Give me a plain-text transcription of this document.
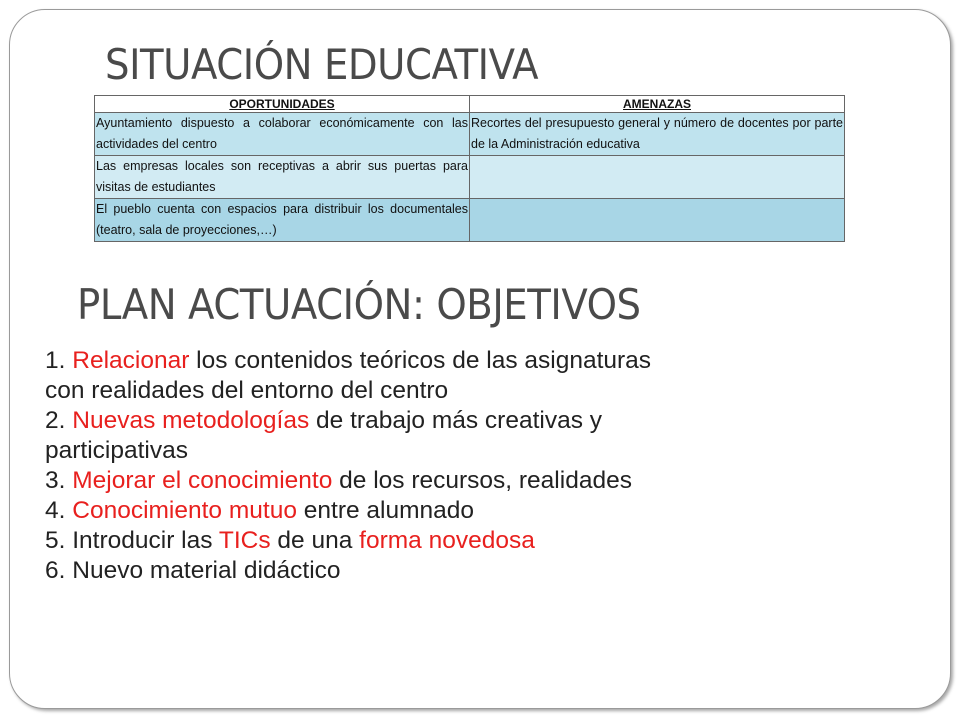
SITUACIÓN EDUCATIVA
OPORTUNIDADES	AMENAZAS
Ayuntamiento dispuesto a colaborar económicamente con las actividades del centro	Recortes del presupuesto general y número de docentes por parte de la Administración educativa
Las empresas locales son receptivas a abrir sus puertas para visitas de estudiantes	
El pueblo cuenta con espacios para distribuir los documentales (teatro, sala de proyecciones,…)	
PLAN ACTUACIÓN: OBJETIVOS
1. Relacionar los contenidos teóricos de las asignaturas
con realidades del entorno del centro
2. Nuevas metodologías de trabajo más creativas y
participativas
3. Mejorar el conocimiento de los recursos, realidades
4. Conocimiento mutuo entre alumnado
5. Introducir las TICs de una forma novedosa
6. Nuevo material didáctico
